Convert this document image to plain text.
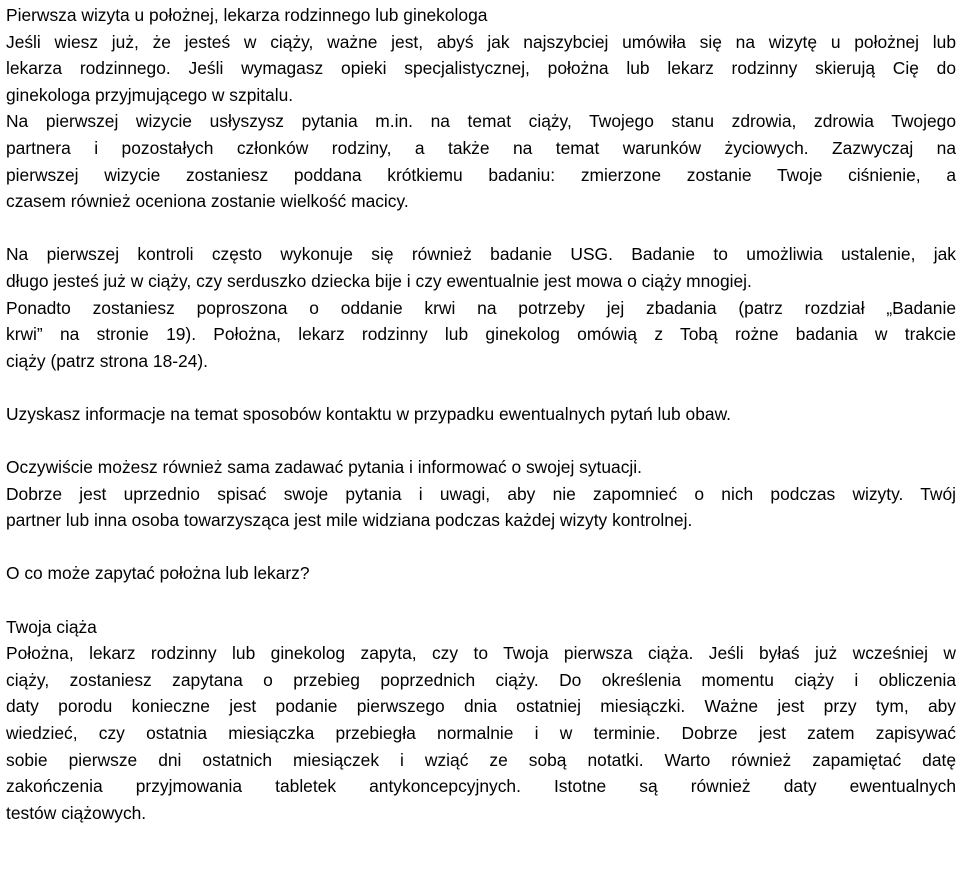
Pierwsza wizyta u położnej, lekarza rodzinnego lub ginekologa
Jeśli wiesz już, że jesteś w ciąży, ważne jest, abyś jak najszybciej umówiła się na wizytę u położnej lub
lekarza rodzinnego. Jeśli wymagasz opieki specjalistycznej, położna lub lekarz rodzinny skierują Cię do
ginekologa przyjmującego w szpitalu.
Na pierwszej wizycie usłyszysz pytania m.in. na temat ciąży, Twojego stanu zdrowia, zdrowia Twojego
partnera i pozostałych członków rodziny, a także na temat warunków życiowych. Zazwyczaj na
pierwszej wizycie zostaniesz poddana krótkiemu badaniu: zmierzone zostanie Twoje ciśnienie, a
czasem również oceniona zostanie wielkość macicy.
Na pierwszej kontroli często wykonuje się również badanie USG. Badanie to umożliwia ustalenie, jak
długo jesteś już w ciąży, czy serduszko dziecka bije i czy ewentualnie jest mowa o ciąży mnogiej.
Ponadto zostaniesz poproszona o oddanie krwi na potrzeby jej zbadania (patrz rozdział „Badanie
krwi” na stronie 19). Położna, lekarz rodzinny lub ginekolog omówią z Tobą rożne badania w trakcie
ciąży (patrz strona 18-24).
Uzyskasz informacje na temat sposobów kontaktu w przypadku ewentualnych pytań lub obaw.
Oczywiście możesz również sama zadawać pytania i informować o swojej sytuacji.
Dobrze jest uprzednio spisać swoje pytania i uwagi, aby nie zapomnieć o nich podczas wizyty. Twój
partner lub inna osoba towarzysząca jest mile widziana podczas każdej wizyty kontrolnej.
O co może zapytać położna lub lekarz?
Twoja ciąża
Położna, lekarz rodzinny lub ginekolog zapyta, czy to Twoja pierwsza ciąża. Jeśli byłaś już wcześniej w
ciąży, zostaniesz zapytana o przebieg poprzednich ciąży. Do określenia momentu ciąży i obliczenia
daty porodu konieczne jest podanie pierwszego dnia ostatniej miesiączki. Ważne jest przy tym, aby
wiedzieć, czy ostatnia miesiączka przebiegła normalnie i w terminie. Dobrze jest zatem zapisywać
sobie pierwsze dni ostatnich miesiączek i wziąć ze sobą notatki. Warto również zapamiętać datę
zakończenia przyjmowania tabletek antykoncepcyjnych. Istotne są również daty ewentualnych
testów ciążowych.
